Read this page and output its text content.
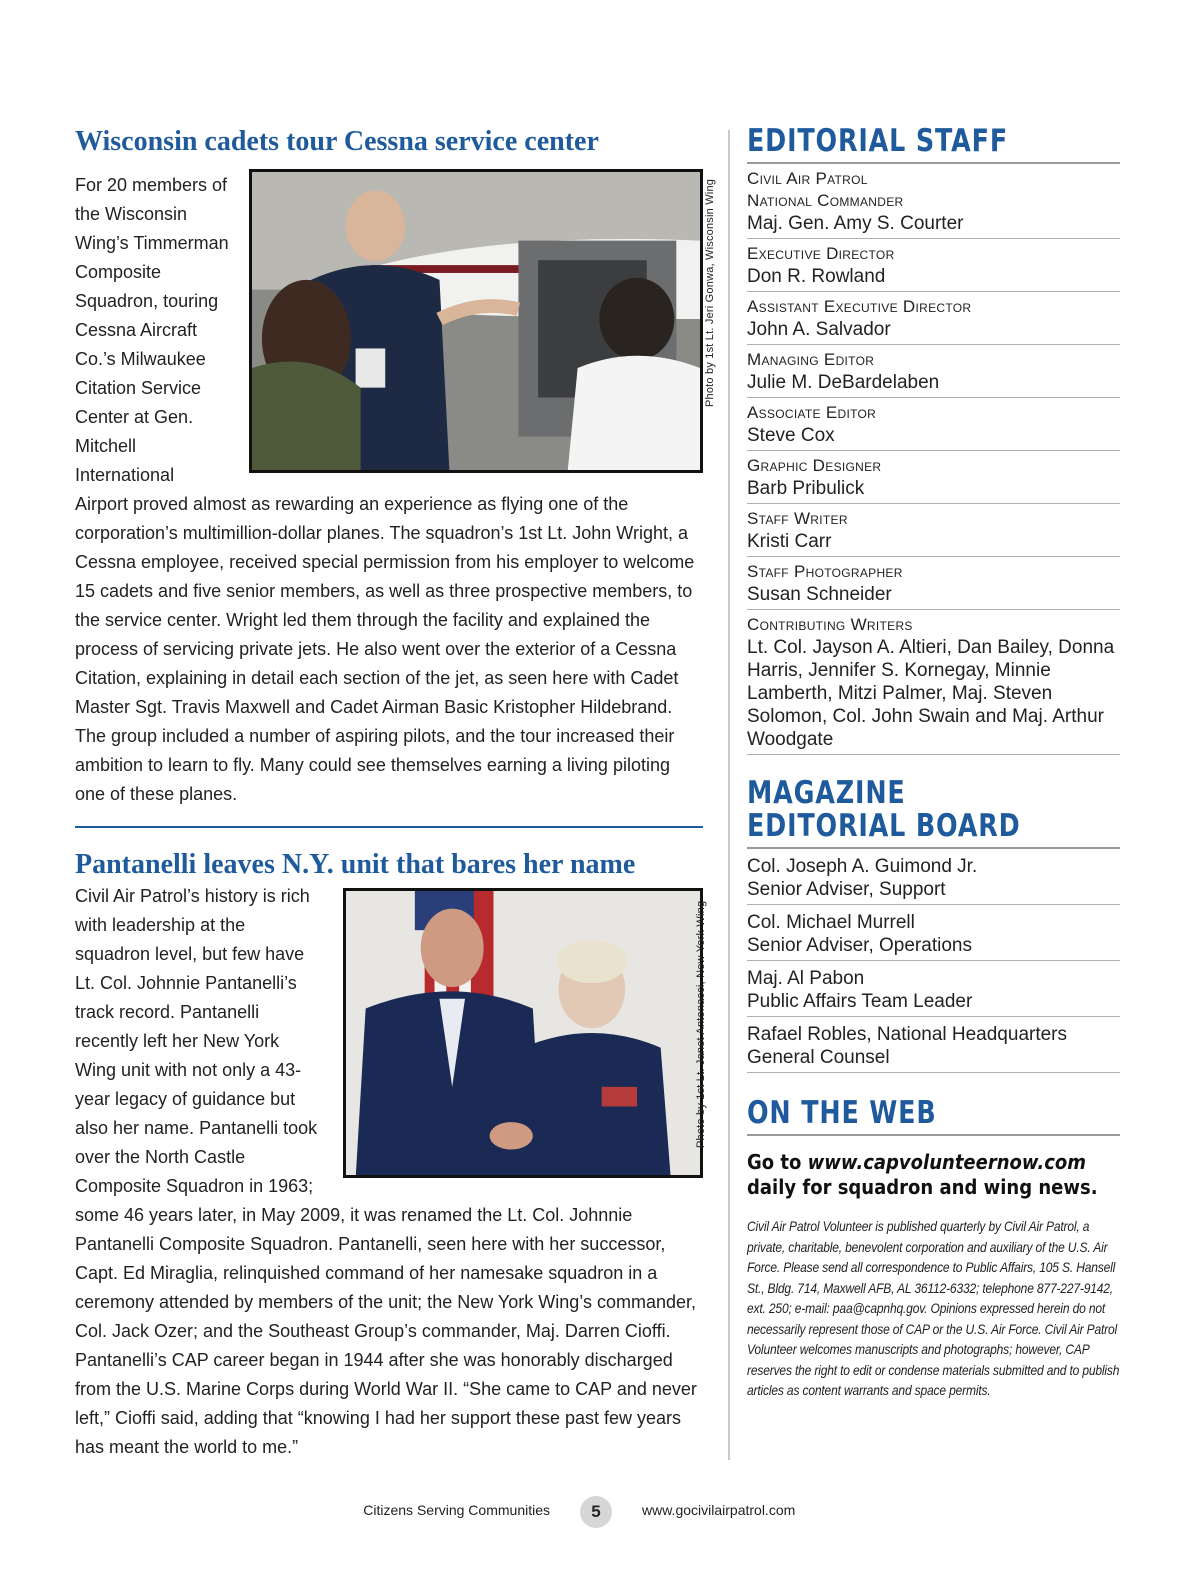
Wisconsin cadets tour Cessna service center

For 20 members of the Wisconsin Wing’s Timmerman Composite Squadron, touring Cessna Aircraft Co.’s Milwaukee Citation Service Center at Gen. Mitchell International Airport proved almost as rewarding an experience as flying one of the corporation’s multimillion-dollar planes. The squadron’s 1st Lt. John Wright, a Cessna employee, received special permission from his employer to welcome 15 cadets and five senior members, as well as three prospective members, to the service center. Wright led them through the facility and explained the process of servicing private jets. He also went over the exterior of a Cessna Citation, explaining in detail each section of the jet, as seen here with Cadet Master Sgt. Travis Maxwell and Cadet Airman Basic Kristopher Hildebrand. The group included a number of aspiring pilots, and the tour increased their ambition to learn to fly. Many could see themselves earning a living piloting one of these planes.

Photo by 1st Lt. Jeri Gonwa, Wisconsin Wing
Pantanelli leaves N.Y. unit that bares her name

Civil Air Patrol’s history is rich with leadership at the squadron level, but few have Lt. Col. Johnnie Pantanelli’s track record. Pantanelli recently left her New York Wing unit with not only a 43-year legacy of guidance but also her name. Pantanelli took over the North Castle Composite Squadron in 1963; some 46 years later, in May 2009, it was renamed the Lt. Col. Johnnie Pantanelli Composite Squadron. Pantanelli, seen here with her successor, Capt. Ed Miraglia, relinquished command of her namesake squadron in a ceremony attended by members of the unit; the New York Wing’s commander, Col. Jack Ozer; and the Southeast Group’s commander, Maj. Darren Cioffi. Pantanelli’s CAP career began in 1944 after she was honorably discharged from the U.S. Marine Corps during World War II. “She came to CAP and never left,” Cioffi said, adding that “knowing I had her support these past few years has meant the world to me.”

Photo by 1st Lt. Janet Antonacci, New York Wing
EDITORIAL STAFF
Civil Air Patrol
National Commander
Maj. Gen. Amy S. Courter
Executive Director
Don R. Rowland
Assistant Executive Director
John A. Salvador
Managing Editor
Julie M. DeBardelaben
Associate Editor
Steve Cox
Graphic Designer
Barb Pribulick
Staff Writer
Kristi Carr
Staff Photographer
Susan Schneider
Contributing Writers
Lt. Col. Jayson A. Altieri, Dan Bailey, Donna Harris, Jennifer S. Kornegay, Minnie Lamberth, Mitzi Palmer, Maj. Steven Solomon, Col. John Swain and Maj. Arthur Woodgate
MAGAZINE
EDITORIAL BOARD
Col. Joseph A. Guimond Jr.
Senior Adviser, Support
Col. Michael Murrell
Senior Adviser, Operations
Maj. Al Pabon
Public Affairs Team Leader
Rafael Robles, National Headquarters
General Counsel
ON THE WEB
Go to www.capvolunteernow.com daily for squadron and wing news.
Civil Air Patrol Volunteer is published quarterly by Civil Air Patrol, a private, charitable, benevolent corporation and auxiliary of the U.S. Air Force. Please send all correspondence to Public Affairs, 105 S. Hansell St., Bldg. 714, Maxwell AFB, AL 36112-6332; telephone 877-227-9142, ext. 250; e-mail: paa@capnhq.gov. Opinions expressed herein do not necessarily represent those of CAP or the U.S. Air Force. Civil Air Patrol Volunteer welcomes manuscripts and photographs; however, CAP reserves the right to edit or condense materials submitted and to publish articles as content warrants and space permits.
Citizens Serving Communities	5	www.gocivilairpatrol.com
